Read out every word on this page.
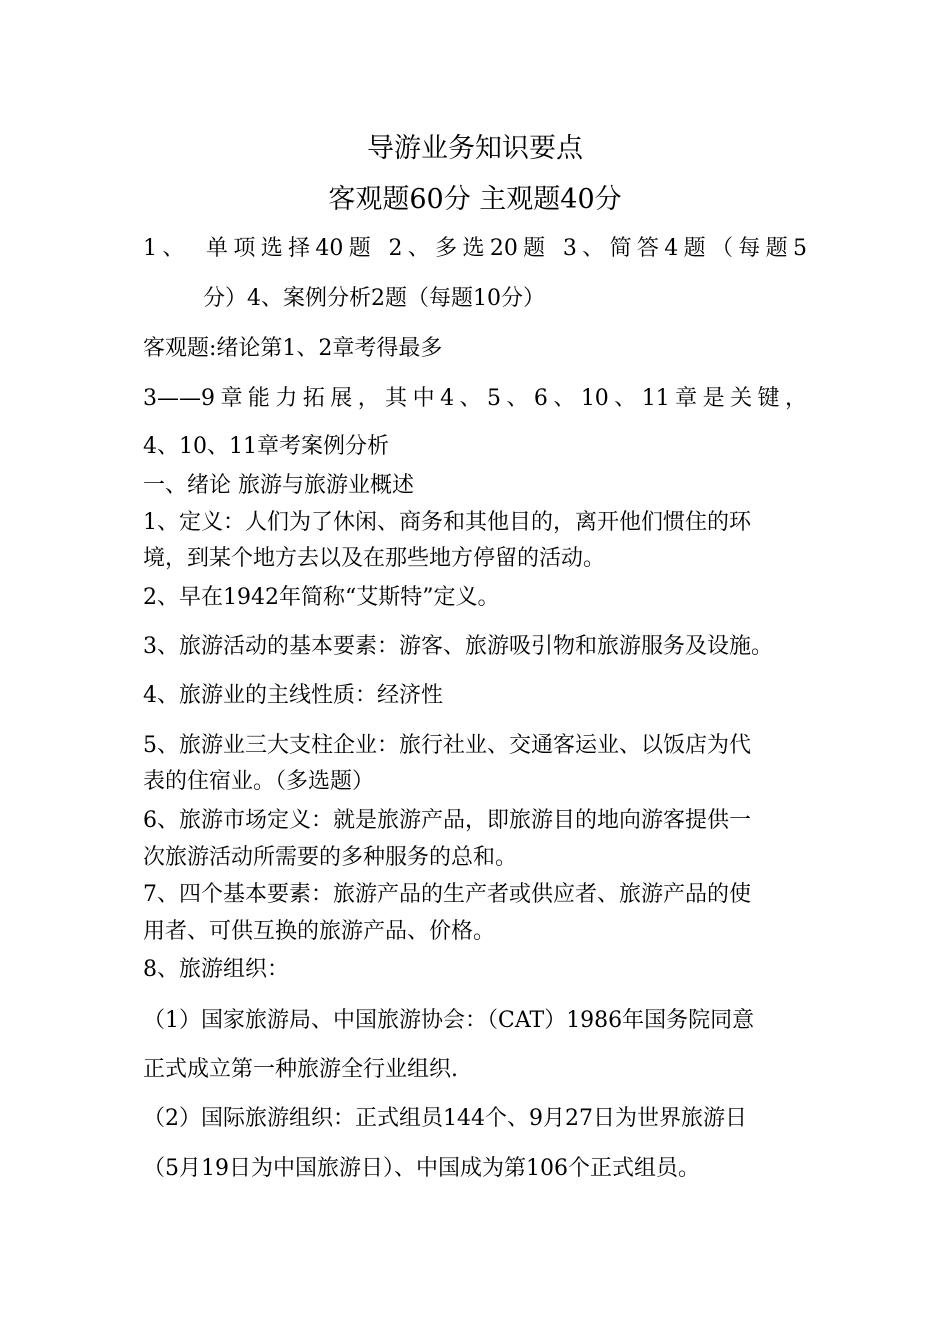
导游业务知识要点
客观题60分 主观题40分
1、　单项选择40题 2、多选20题 3、简答4题（每题5
分）4、案例分析2题（每题10分）
客观题:绪论第1、2章考得最多
3——9章能力拓展，其中4、5、6、10、11章是关键，
4、10、11章考案例分析
一、绪论 旅游与旅游业概述
1、定义：人们为了休闲、商务和其他目的，离开他们惯住的环
境，到某个地方去以及在那些地方停留的活动。
2、早在1942年简称“艾斯特”定义。
3、旅游活动的基本要素：游客、旅游吸引物和旅游服务及设施。
4、旅游业的主线性质：经济性
5、旅游业三大支柱企业：旅行社业、交通客运业、以饭店为代
表的住宿业。（多选题）
6、旅游市场定义：就是旅游产品，即旅游目的地向游客提供一
次旅游活动所需要的多种服务的总和。
7、四个基本要素：旅游产品的生产者或供应者、旅游产品的使
用者、可供互换的旅游产品、价格。
8、旅游组织：
（1）国家旅游局、中国旅游协会：（CAT）1986年国务院同意
正式成立第一种旅游全行业组织.
（2）国际旅游组织：正式组员144个、9月27日为世界旅游日
（5月19日为中国旅游日）、中国成为第106个正式组员。
